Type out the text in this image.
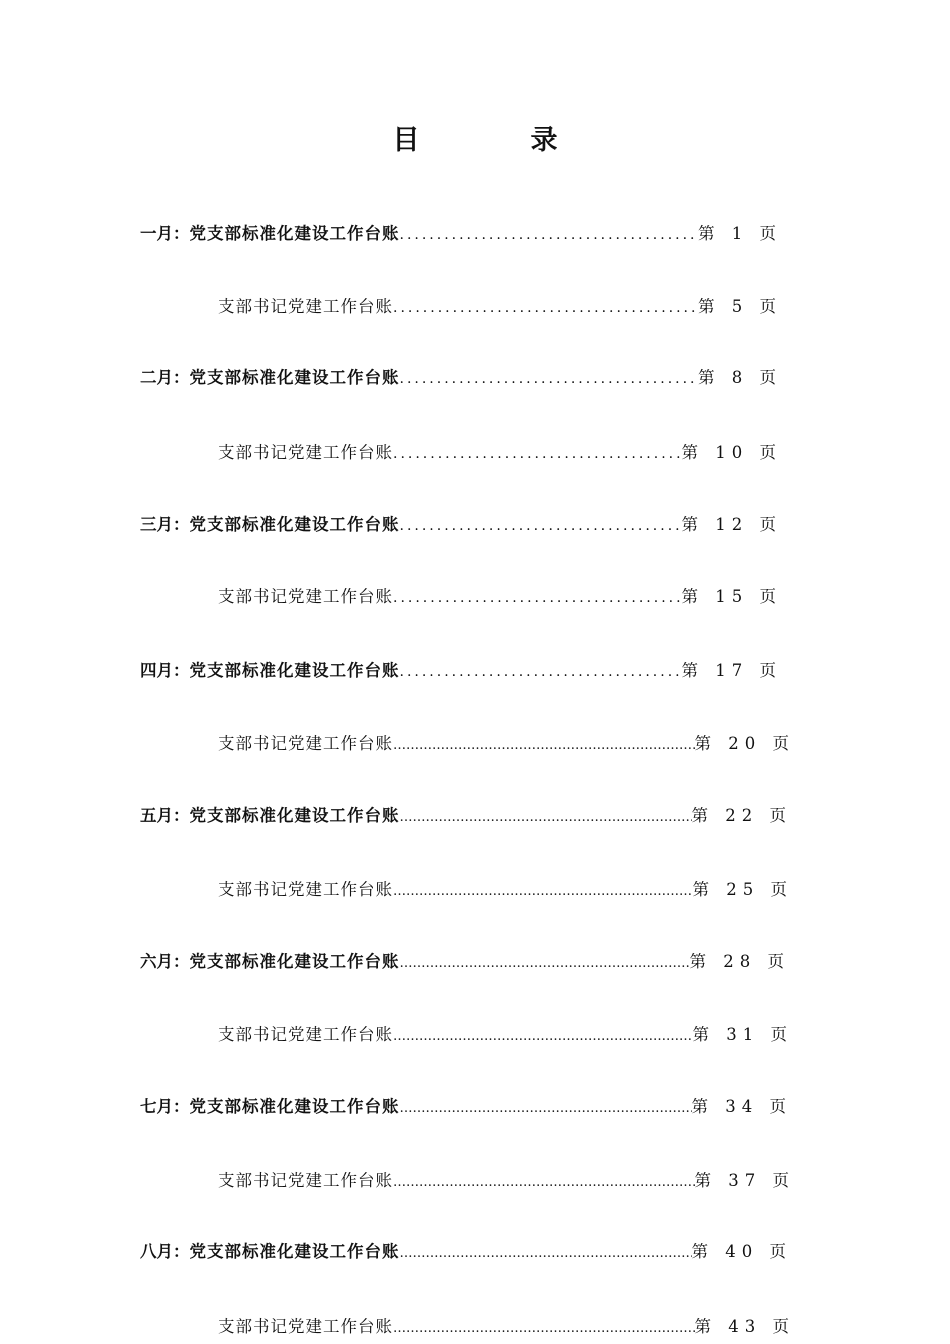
目　录
一月： 党支部标准化建设工作台账 .....	第 1 页
支部书记党建工作台账 .....	第 5 页
二月： 党支部标准化建设工作台账 .....	第 8 页
支部书记党建工作台账 .....	第 10 页
三月： 党支部标准化建设工作台账 .....	第 12 页
支部书记党建工作台账 .....	第 15 页
四月： 党支部标准化建设工作台账 .....	第 17 页
支部书记党建工作台账 ……………………………………………………………………………………………	第 20 页
五月： 党支部标准化建设工作台账 ……………………………………………………………………………………………	第 22 页
支部书记党建工作台账 ……………………………………………………………………………………………	第 25 页
六月： 党支部标准化建设工作台账 ……………………………………………………………………………………………	第 28 页
支部书记党建工作台账 ……………………………………………………………………………………………	第 31 页
七月： 党支部标准化建设工作台账 ……………………………………………………………………………………………	第 34 页
支部书记党建工作台账 ……………………………………………………………………………………………	第 37 页
八月： 党支部标准化建设工作台账 ……………………………………………………………………………………………	第 40 页
支部书记党建工作台账 ……………………………………………………………………………………………	第 43 页
